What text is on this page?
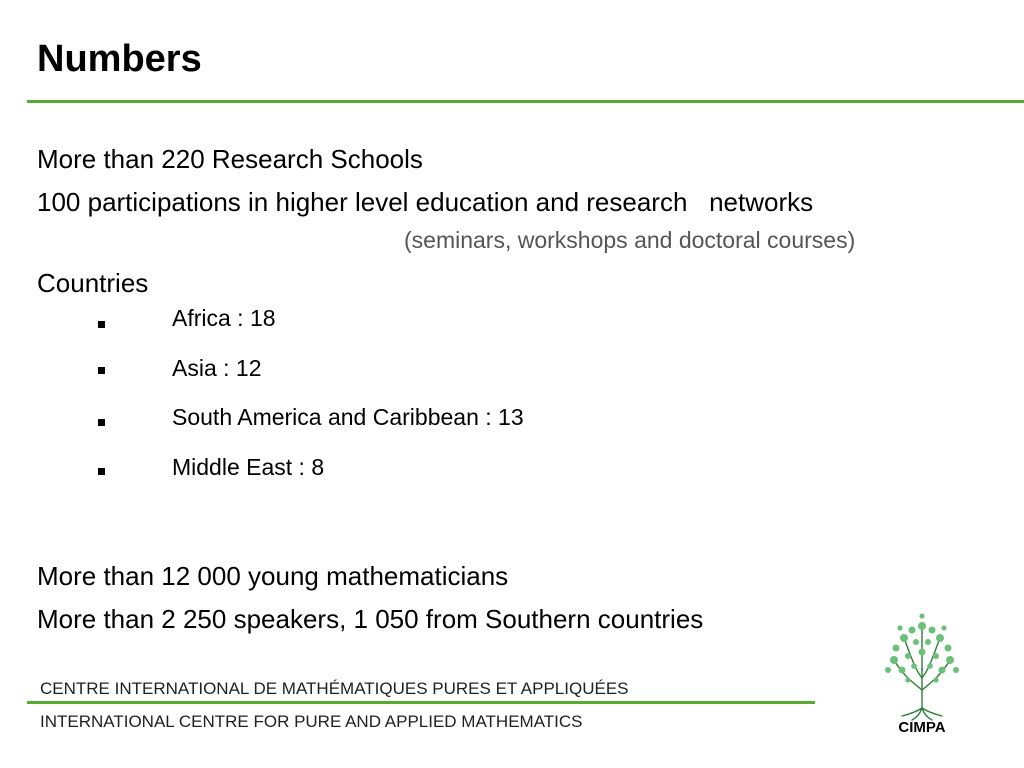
Numbers
More than 220 Research Schools
100 participations in higher level education and research   networks
(seminars, workshops and doctoral courses)
Countries
Africa : 18
Asia : 12
South America and Caribbean : 13
Middle East : 8
More than 12 000 young mathematicians
More than 2 250 speakers, 1 050 from Southern countries
CENTRE INTERNATIONAL DE MATHÉMATIQUES PURES ET APPLIQUÉES
INTERNATIONAL CENTRE FOR PURE AND APPLIED MATHEMATICS	CIMPA
